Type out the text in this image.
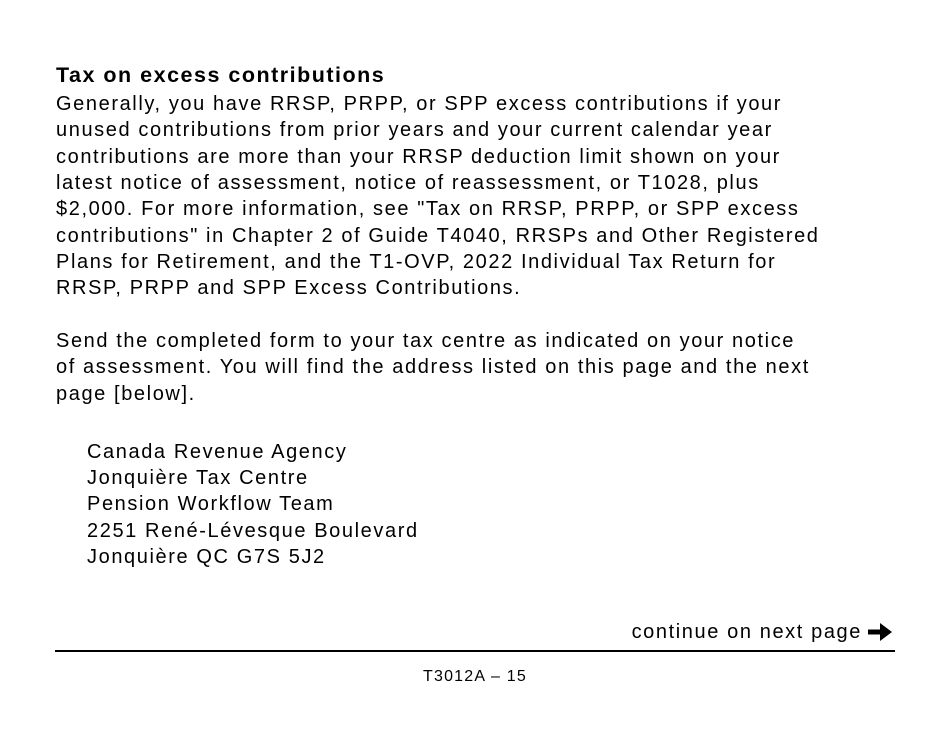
Tax on excess contributions
Generally, you have RRSP, PRPP, or SPP excess contributions if your
unused contributions from prior years and your current calendar year
contributions are more than your RRSP deduction limit shown on your
latest notice of assessment, notice of reassessment, or T1028, plus
$2,000. For more information, see "Tax on RRSP, PRPP, or SPP excess
contributions" in Chapter 2 of Guide T4040, RRSPs and Other Registered
Plans for Retirement, and the T1-OVP, 2022 Individual Tax Return for
RRSP, PRPP and SPP Excess Contributions.
Send the completed form to your tax centre as indicated on your notice
of assessment. You will find the address listed on this page and the next
page [below].
Canada Revenue Agency
Jonquière Tax Centre
Pension Workflow Team
2251 René-Lévesque Boulevard
Jonquière QC G7S 5J2
continue on next page
T3012A – 15
